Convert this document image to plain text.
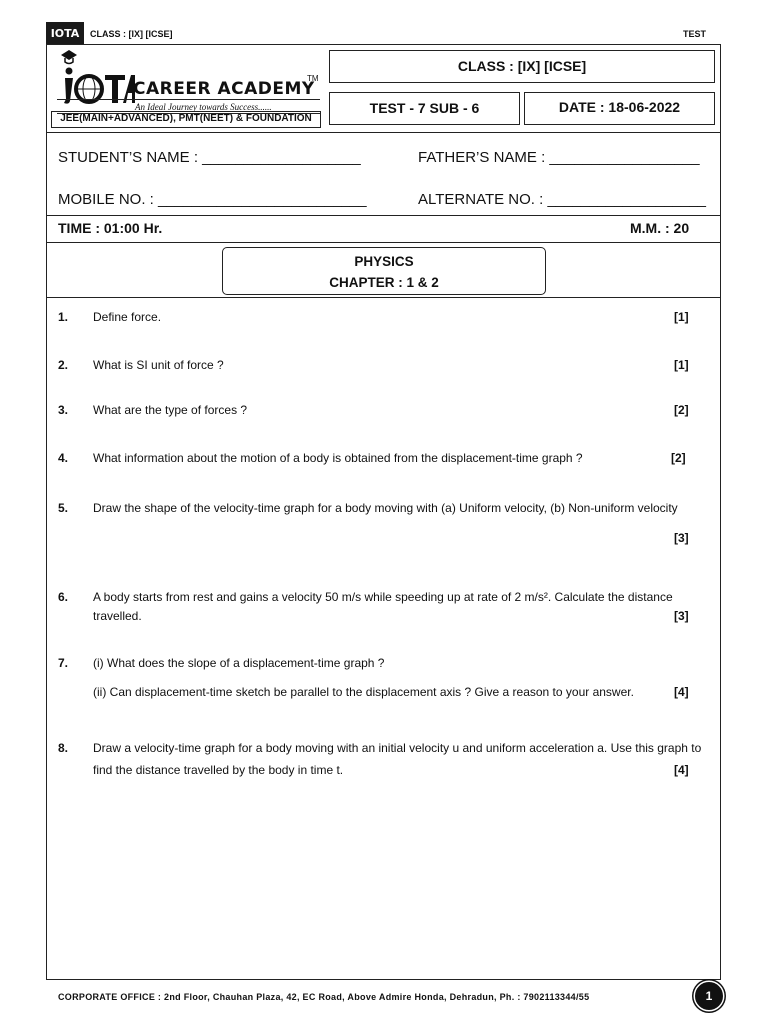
IOTA CLASS : [IX] [ICSE]	TEST
CAREER ACADEMY
TM
An Ideal Journey towards Success......
JEE(MAIN+ADVANCED), PMT(NEET) & FOUNDATION
CLASS : [IX] [ICSE]
TEST - 7 SUB - 6	DATE : 18-06-2022
STUDENT’S NAME : ___________________	FATHER’S NAME : __________________
MOBILE NO. : _________________________	ALTERNATE NO. : ___________________
TIME : 01:00 Hr.	M.M. : 20
PHYSICS
CHAPTER : 1 & 2
1. Define force.	[1]
2. What is SI unit of force ?	[1]
3. What are the type of forces ?	[2]
4. What information about the motion of a body is obtained from the displacement-time graph ?	[2]
5. Draw the shape of the velocity-time graph for a body moving with (a) Uniform velocity, (b) Non-uniform velocity
[3]
6. A body starts from rest and gains a velocity 50 m/s while speeding up at rate of 2 m/s². Calculate the distance travelled.	[3]
7. (i) What does the slope of a displacement-time graph ?
(ii) Can displacement-time sketch be parallel to the displacement axis ? Give a reason to your answer.	[4]
8. Draw a velocity-time graph for a body moving with an initial velocity u and uniform acceleration a. Use this graph to find the distance travelled by the body in time t.	[4]
CORPORATE OFFICE : 2nd Floor, Chauhan Plaza, 42, EC Road, Above Admire Honda, Dehradun, Ph. : 7902113344/55	1
